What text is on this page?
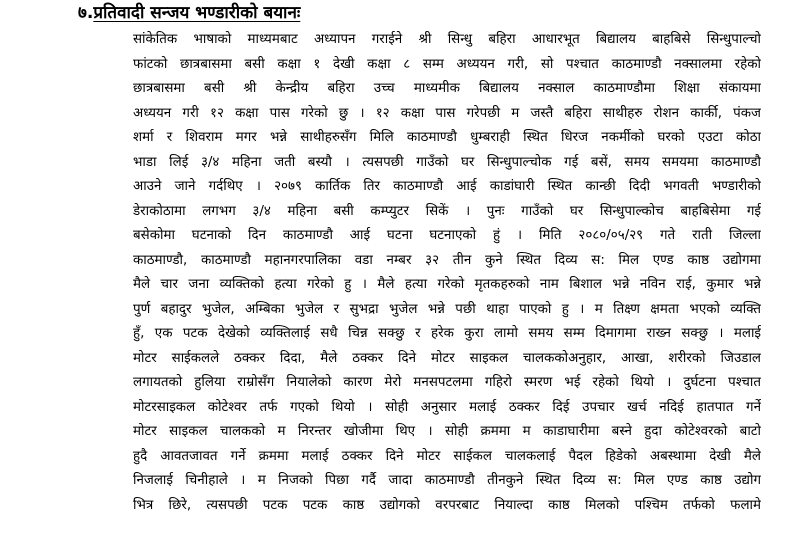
७.प्रतिवादी सन्जय भण्डारीको बयानः
सांकेतिक भाषाको माध्यमबाट अध्यापन गराईने श्री सिन्धु बहिरा आधारभूत बिद्यालय बाहबिसे सिन्धुपाल्चो
फांटको छात्रबासमा बसी कक्षा १ देखी कक्षा ८ सम्म अध्ययन गरी, सो पश्चात काठमाण्डौ नक्सालमा रहेको
छात्रबासमा बसी श्री केन्द्रीय बहिरा उच्च माध्यमीक बिद्यालय नक्साल काठमाण्डौमा शिक्षा संकायमा
अध्ययन गरी १२ कक्षा पास गरेको छु । १२ कक्षा पास गरेपछी म जस्तै बहिरा साथीहरु रोशन कार्की, पंकज
शर्मा र शिवराम मगर भन्ने साथीहरुसँग मिलि काठमाण्डौ धुम्बराही स्थित धिरज नकर्मीको घरको एउटा कोठा
भाडा लिई ३/४ महिना जती बस्यौ । त्यसपछी गाउँको घर सिन्धुपाल्चोक गई बसें, समय समयमा काठमाण्डौ
आउने जाने गर्दथिए । २०७९ कार्तिक तिर काठमाण्डौ आई काडांघारी स्थित कान्छी दिदी भगवती भण्डारीको
डेराकोठामा लगभग ३/४ महिना बसी कम्प्युटर सिकें । पुनः गाउँको घर सिन्धुपाल्कोच बाहबिसेमा गई
बसेकोमा घटनाको दिन काठमाण्डौ आई घटना घटनाएको हुं । मिति २०८०/०५/२९ गते राती जिल्ला
काठमाण्डौ, काठमाण्डौ महानगरपालिका वडा नम्बर ३२ तीन कुने स्थित दिव्य स: मिल एण्ड काष्ठ उद्योगमा
मैले चार जना व्यक्तिको हत्या गरेको हु । मैले हत्या गरेको मृतकहरुको नाम बिशाल भन्ने नविन राई, कुमार भन्ने
पुर्ण बहादुर भुजेल, अम्बिका भुजेल र सुभद्रा भुजेल भन्ने पछी थाहा पाएको हु । म तिक्ष्ण क्षमता भएको व्यक्ति
हुँ, एक पटक देखेको व्यक्तिलाई सधै चिन्न सक्छु र हरेक कुरा लामो समय सम्म दिमागमा राख्न सक्छु । मलाई
मोटर साईकलले ठक्कर दिदा, मैले ठक्कर दिने मोटर साइकल चालककोअनुहार, आखा, शरीरको जिउडाल
लगायतको हुलिया राम्रोसँग नियालेको कारण मेरो मनसपटलमा गहिरो स्मरण भई रहेको थियो । दुर्घटना पश्चात
मोटरसाइकल कोटेश्वर तर्फ गएको थियो । सोही अनुसार मलाई ठक्कर दिई उपचार खर्च नदिई हातपात गर्ने
मोटर साइकल चालकको म निरन्तर खोजीमा थिए । सोही क्रममा म काडाघारीमा बस्ने हुदा कोटेश्वरको बाटो
हुदै आवतजावत गर्ने क्रममा मलाई ठक्कर दिने मोटर साईकल चालकलाई पैदल हिडेको अबस्थामा देखी मैले
निजलाई चिनीहाले । म निजको पिछा गर्दै जादा काठमाण्डौ तीनकुने स्थित दिव्य स: मिल एण्ड काष्ठ उद्योग
भित्र छिरे, त्यसपछी पटक पटक काष्ठ उद्योगको वरपरबाट नियाल्दा काष्ठ मिलको पश्चिम तर्फको फलामे
